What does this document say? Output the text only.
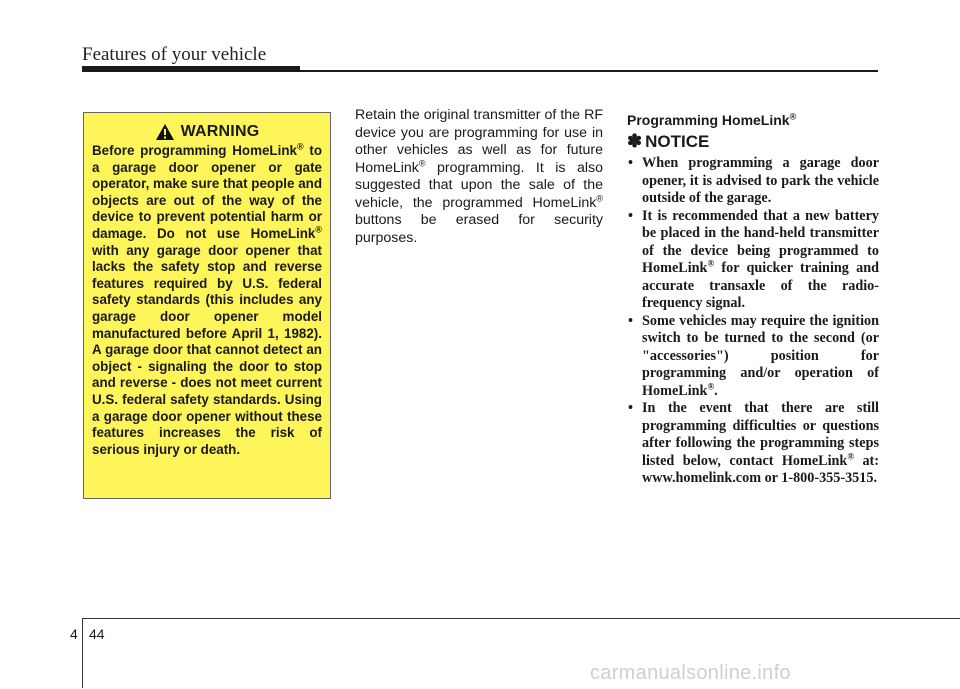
Features of your vehicle
WARNING

Before programming HomeLink® to a garage door opener or gate operator, make sure that people and objects are out of the way of the device to prevent potential harm or damage. Do not use HomeLink® with any garage door opener that lacks the safety stop and reverse features required by U.S. federal safety standards (this includes any garage door opener model manufactured before April 1, 1982). A garage door that cannot detect an object - signaling the door to stop and reverse - does not meet current U.S. federal safety standards. Using a garage door opener without these features increases the risk of serious injury or death.

Retain the original transmitter of the RF device you are programming for use in other vehicles as well as for future HomeLink® programming. It is also suggested that upon the sale of the vehicle, the programmed HomeLink® buttons be erased for security purposes.

Programming HomeLink®
✽ NOTICE
• When programming a garage door opener, it is advised to park the vehicle outside of the garage.
• It is recommended that a new battery be placed in the hand-held transmitter of the device being programmed to HomeLink® for quicker training and accurate transaxle of the radio-frequency signal.
• Some vehicles may require the ignition switch to be turned to the second (or "accessories") position for programming and/or operation of HomeLink®.
• In the event that there are still programming difficulties or questions after following the programming steps listed below, contact HomeLink® at: www.homelink.com or 1-800-355-3515.
4 44
carmanualsonline.info
